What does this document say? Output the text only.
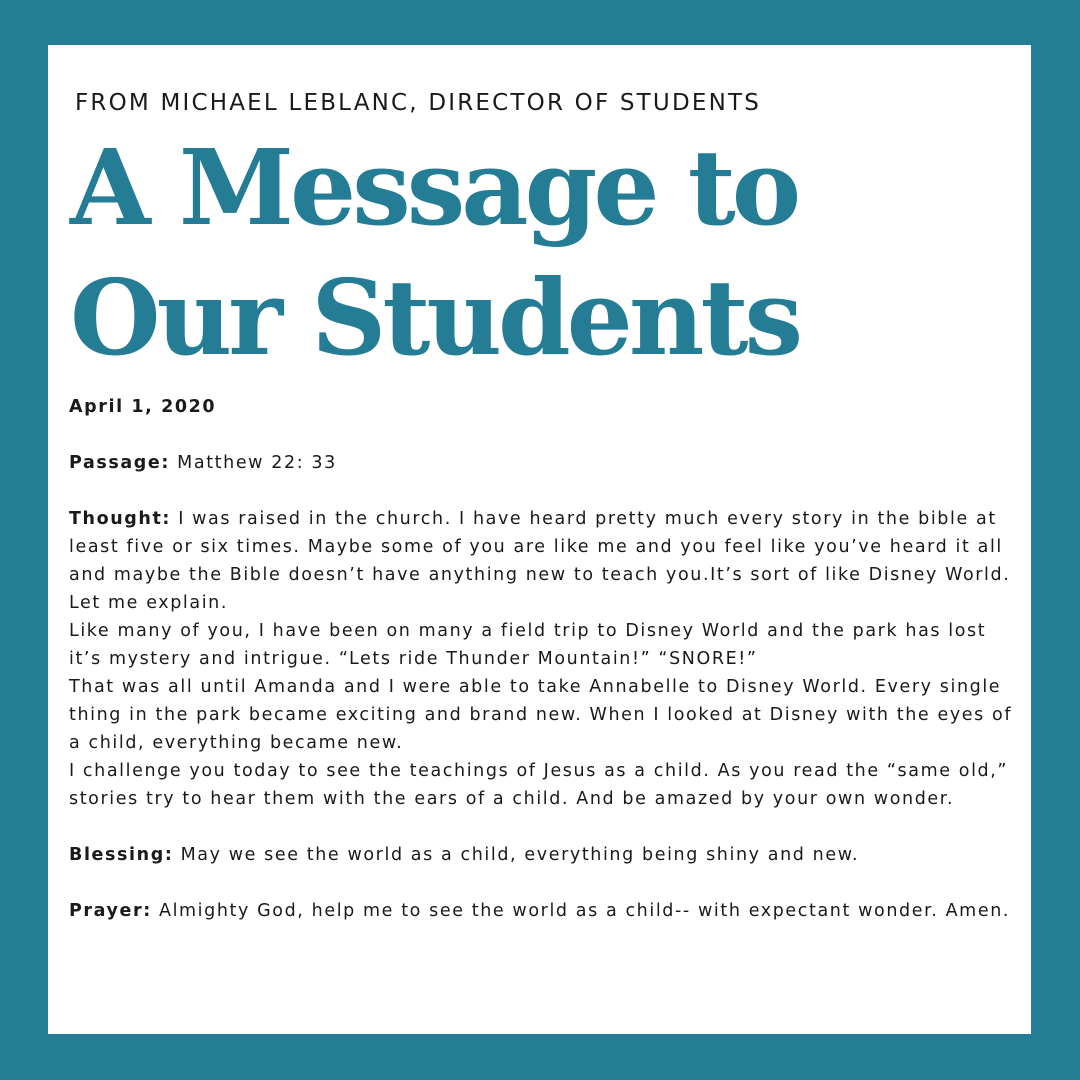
FROM MICHAEL LEBLANC, DIRECTOR OF STUDENTS
A Message to
Our Students

April 1, 2020

Passage: Matthew 22: 33

Thought: I was raised in the church. I have heard pretty much every story in the bible at least five or six times. Maybe some of you are like me and you feel like you’ve heard it all and maybe the Bible doesn’t have anything new to teach you.It’s sort of like Disney World.

Let me explain.

Like many of you, I have been on many a field trip to Disney World and the park has lost it’s mystery and intrigue. “Lets ride Thunder Mountain!” “SNORE!”

That was all until Amanda and I were able to take Annabelle to Disney World. Every single thing in the park became exciting and brand new. When I looked at Disney with the eyes of a child, everything became new.

I challenge you today to see the teachings of Jesus as a child. As you read the “same old,” stories try to hear them with the ears of a child. And be amazed by your own wonder.

Blessing: May we see the world as a child, everything being shiny and new.

Prayer: Almighty God, help me to see the world as a child-- with expectant wonder. Amen.
